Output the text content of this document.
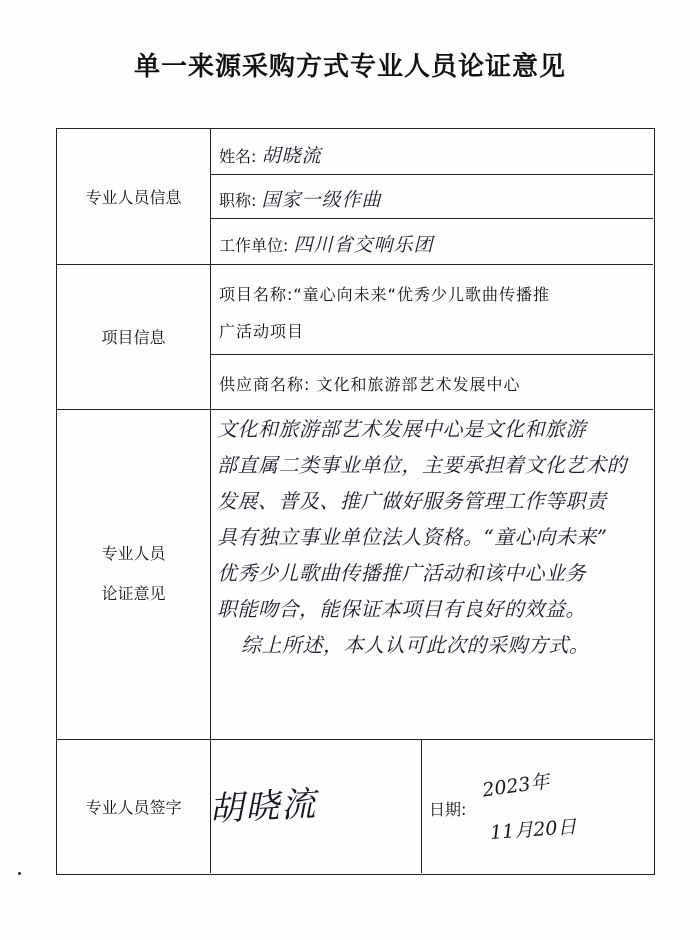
单一来源采购方式专业人员论证意见
专业人员信息
姓名: 胡晓流
职称: 国家一级作曲
工作单位: 四川省交响乐团
项目信息
项目名称:“童心向未来“优秀少儿歌曲传播推
广活动项目
供应商名称: 文化和旅游部艺术发展中心
专业人员
论证意见
文化和旅游部艺术发展中心是文化和旅游
部直属二类事业单位，主要承担着文化艺术的
发展、普及、推广做好服务管理工作等职责
具有独立事业单位法人资格。“童心向未来”
优秀少儿歌曲传播推广活动和该中心业务
职能吻合，能保证本项目有良好的效益。
综上所述，本人认可此次的采购方式。
专业人员签字 胡晓流	日期:
2023年
11月20日
